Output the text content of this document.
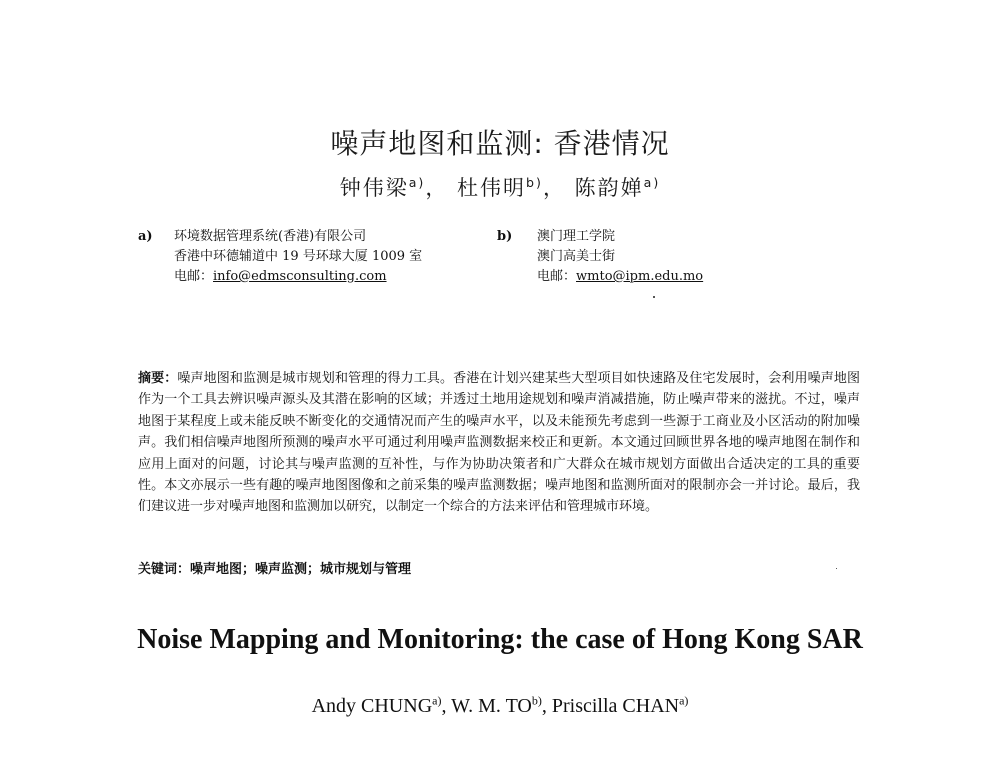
噪声地图和监测: 香港情况
钟伟梁$^{a)}$， 杜伟明$^{b)}$， 陈韵婵$^{a)}$
a) 环境数据管理系统(香港)有限公司
香港中环德辅道中 19 号环球大厦 1009 室
电邮：info@edmsconsulting.com
b) 澳门理工学院
澳门高美士街
电邮：wmto@ipm.edu.mo
摘要：噪声地图和监测是城市规划和管理的得力工具。香港在计划兴建某些大型项目如快速路及住宅发展时，会利用噪声地图作为一个工具去辨识噪声源头及其潜在影响的区域；并透过土地用途规划和噪声消减措施，防止噪声带来的滋扰。不过，噪声地图于某程度上或未能反映不断变化的交通情况而产生的噪声水平，以及未能预先考虑到一些源于工商业及小区活动的附加噪声。我们相信噪声地图所预测的噪声水平可通过利用噪声监测数据来校正和更新。本文通过回顾世界各地的噪声地图在制作和应用上面对的问题，讨论其与噪声监测的互补性，与作为协助决策者和广大群众在城市规划方面做出合适决定的工具的重要性。本文亦展示一些有趣的噪声地图图像和之前采集的噪声监测数据；噪声地图和监测所面对的限制亦会一并讨论。最后，我们建议进一步对噪声地图和监测加以研究，以制定一个综合的方法来评估和管理城市环境。
关键词：噪声地图；噪声监测；城市规划与管理
Noise Mapping and Monitoring: the case of Hong Kong SAR
Andy CHUNG$^{a)}$, W. M. TO$^{b)}$, Priscilla CHAN$^{a)}$
